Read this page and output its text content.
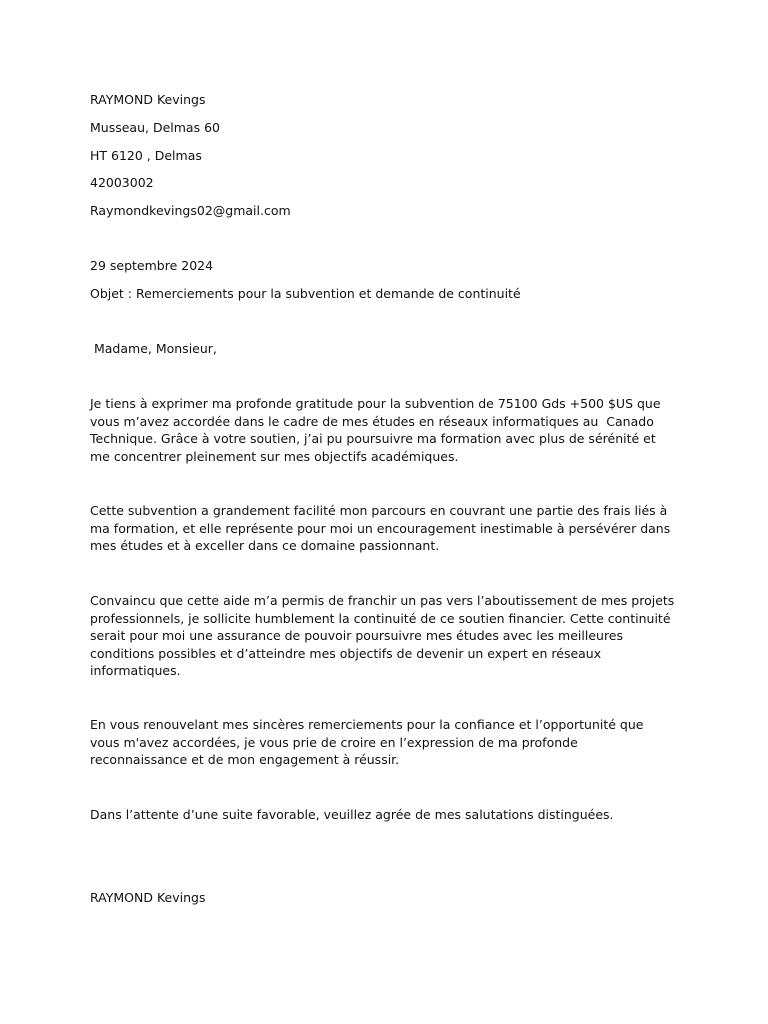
RAYMOND Kevings

Musseau, Delmas 60

HT 6120 , Delmas

42003002

Raymondkevings02@gmail.com

29 septembre 2024

Objet : Remerciements pour la subvention et demande de continuité

Madame, Monsieur,

Je tiens à exprimer ma profonde gratitude pour la subvention de 75100 Gds +500 $US que
vous m’avez accordée dans le cadre de mes études en réseaux informatiques au  Canado
Technique. Grâce à votre soutien, j’ai pu poursuivre ma formation avec plus de sérénité et
me concentrer pleinement sur mes objectifs académiques.
Cette subvention a grandement facilité mon parcours en couvrant une partie des frais liés à
ma formation, et elle représente pour moi un encouragement inestimable à persévérer dans
mes études et à exceller dans ce domaine passionnant.
Convaincu que cette aide m’a permis de franchir un pas vers l’aboutissement de mes projets
professionnels, je sollicite humblement la continuité de ce soutien financier. Cette continuité
serait pour moi une assurance de pouvoir poursuivre mes études avec les meilleures
conditions possibles et d’atteindre mes objectifs de devenir un expert en réseaux
informatiques.
En vous renouvelant mes sincères remerciements pour la confiance et l’opportunité que
vous m'avez accordées, je vous prie de croire en l’expression de ma profonde
reconnaissance et de mon engagement à réussir.

Dans l’attente d’une suite favorable, veuillez agrée de mes salutations distinguées.

RAYMOND Kevings
